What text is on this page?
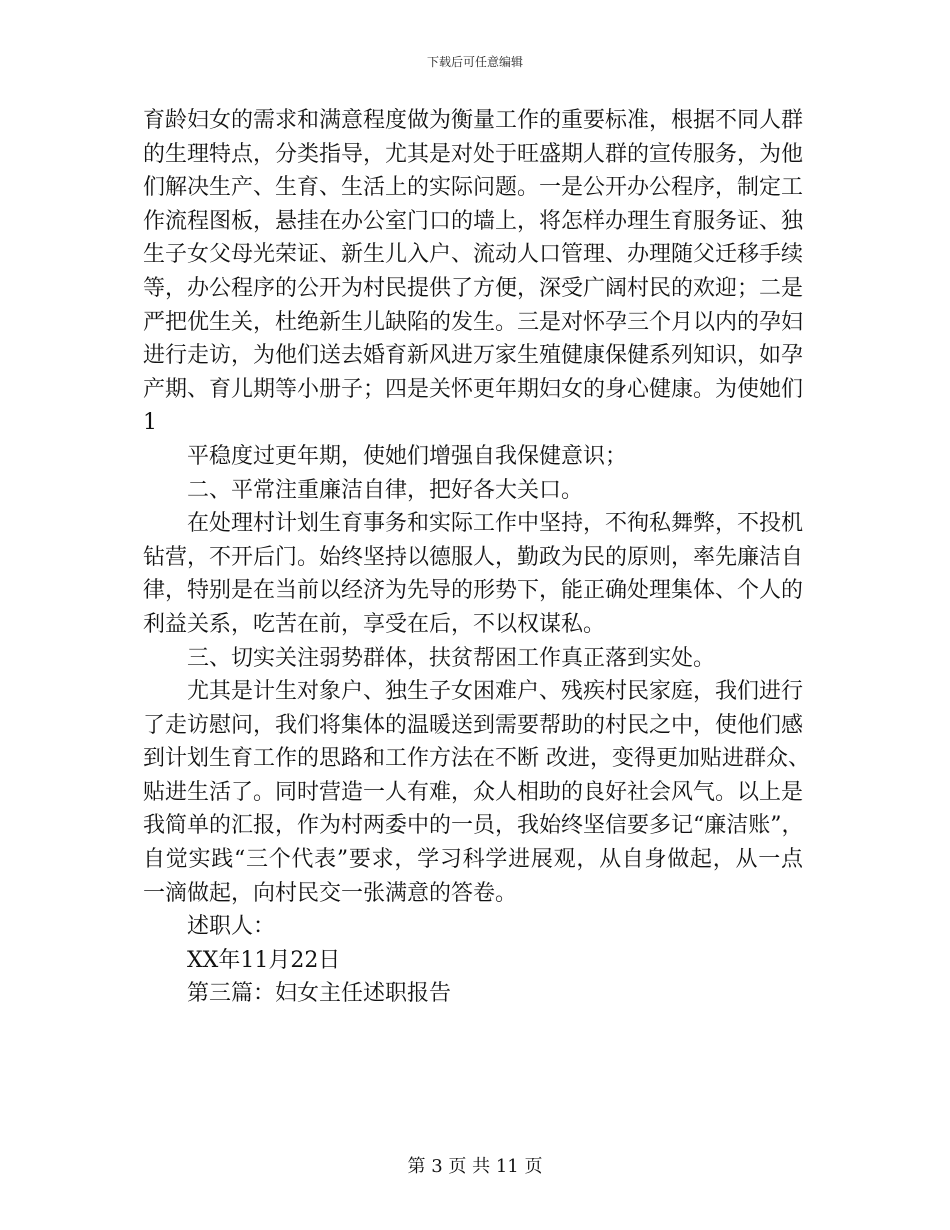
下载后可任意编辑
育龄妇女的需求和满意程度做为衡量工作的重要标准，根据不同人群
的生理特点，分类指导，尤其是对处于旺盛期人群的宣传服务，为他
们解决生产、生育、生活上的实际问题。一是公开办公程序，制定工
作流程图板，悬挂在办公室门口的墙上，将怎样办理生育服务证、独
生子女父母光荣证、新生儿入户、流动人口管理、办理随父迁移手续
等，办公程序的公开为村民提供了方便，深受广阔村民的欢迎；二是
严把优生关，杜绝新生儿缺陷的发生。三是对怀孕三个月以内的孕妇
进行走访，为他们送去婚育新风进万家生殖健康保健系列知识，如孕
产期、育儿期等小册子；四是关怀更年期妇女的身心健康。为使她们
1
平稳度过更年期，使她们增强自我保健意识；
二、平常注重廉洁自律，把好各大关口。
在处理村计划生育事务和实际工作中坚持，不徇私舞弊，不投机
钻营，不开后门。始终坚持以德服人，勤政为民的原则，率先廉洁自
律，特别是在当前以经济为先导的形势下，能正确处理集体、个人的
利益关系，吃苦在前，享受在后，不以权谋私。
三、切实关注弱势群体，扶贫帮困工作真正落到实处。
尤其是计生对象户、独生子女困难户、残疾村民家庭，我们进行
了走访慰问，我们将集体的温暖送到需要帮助的村民之中，使他们感
到计划生育工作的思路和工作方法在不断 改进，变得更加贴进群众、
贴进生活了。同时营造一人有难，众人相助的良好社会风气。以上是
我简单的汇报，作为村两委中的一员，我始终坚信要多记“廉洁账”，
自觉实践“三个代表”要求，学习科学进展观，从自身做起，从一点
一滴做起，向村民交一张满意的答卷。
述职人：
XX年11月22日
第三篇：妇女主任述职报告
第 3 页 共 11 页
